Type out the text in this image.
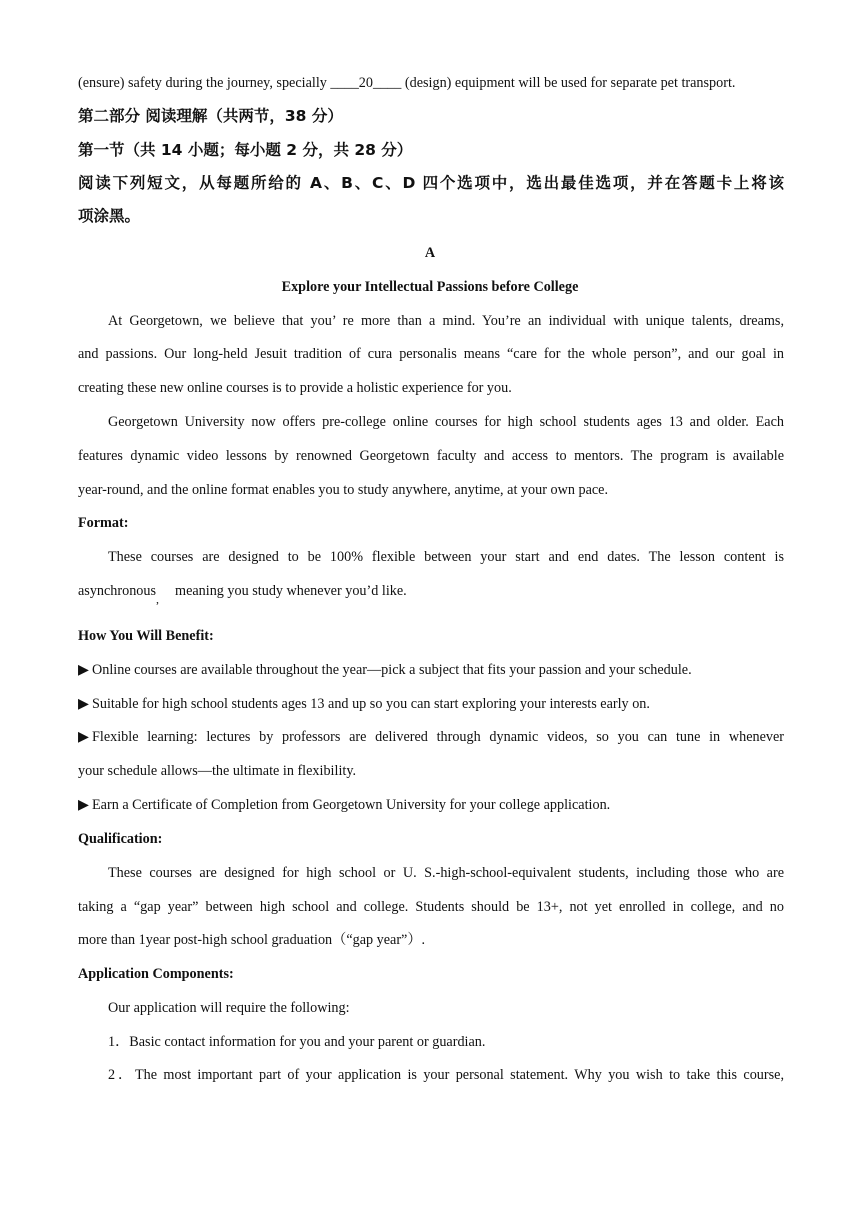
(ensure) safety during the journey, specially ____20____ (design) equipment will be used for separate pet transport.
第二部分 阅读理解（共两节，38 分）
第一节（共 14 小题；每小题 2 分，共 28 分）
阅读下列短文，从每题所给的 A、B、C、D 四个选项中，选出最佳选项，并在答题卡上将该
项涂黑。
A
Explore your Intellectual Passions before College
At Georgetown, we believe that you’ re more than a mind. You’re an individual with unique talents, dreams,
and passions. Our long-held Jesuit tradition of cura personalis means “care for the whole person”, and our goal in
creating these new online courses is to provide a holistic experience for you.
Georgetown University now offers pre-college online courses for high school students ages 13 and older. Each
features dynamic video lessons by renowned Georgetown faculty and access to mentors. The program is available
year-round, and the online format enables you to study anywhere, anytime, at your own pace.
Format:
These courses are designed to be 100% flexible between your start and end dates. The lesson content is
asynchronous$_,$ meaning you study whenever you’d like.
How You Will Benefit:
▶ Online courses are available throughout the year—pick a subject that fits your passion and your schedule.
▶ Suitable for high school students ages 13 and up so you can start exploring your interests early on.
▶ Flexible learning: lectures by professors are delivered through dynamic videos, so you can tune in whenever
your schedule allows—the ultimate in flexibility.
▶ Earn a Certificate of Completion from Georgetown University for your college application.
Qualification:
These courses are designed for high school or U. S.-high-school-equivalent students, including those who are
taking a “gap year” between high school and college. Students should be 13+, not yet enrolled in college, and no
more than 1year post-high school graduation（“gap year”）.
Application Components:
Our application will require the following:
1．Basic contact information for you and your parent or guardian.
2．The most important part of your application is your personal statement. Why you wish to take this course,
